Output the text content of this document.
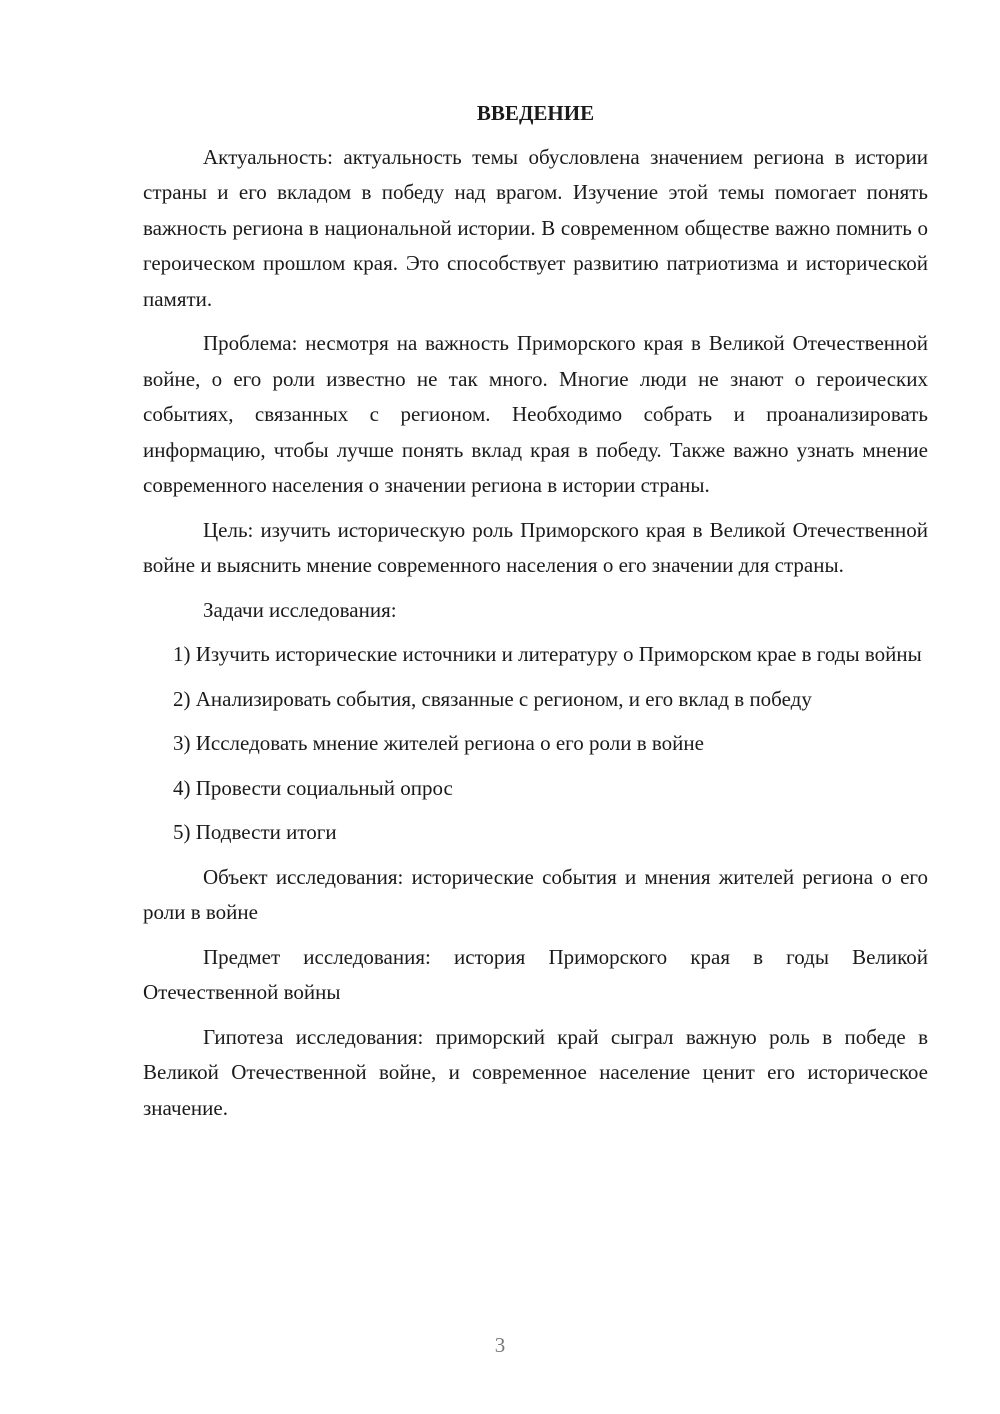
ВВЕДЕНИЕ

Актуальность: актуальность темы обусловлена значением региона в истории страны и его вкладом в победу над врагом. Изучение этой темы помогает понять важность региона в национальной истории. В современном обществе важно помнить о героическом прошлом края. Это способствует развитию патриотизма и исторической памяти.

Проблема: несмотря на важность Приморского края в Великой Отечественной войне, о его роли известно не так много. Многие люди не знают о героических событиях, связанных с регионом. Необходимо собрать и проанализировать информацию, чтобы лучше понять вклад края в победу. Также важно узнать мнение современного населения о значении региона в истории страны.

Цель: изучить историческую роль Приморского края в Великой Отечественной войне и выяснить мнение современного населения о его значении для страны.

Задачи исследования:

1) Изучить исторические источники и литературу о Приморском крае в годы войны

2) Анализировать события, связанные с регионом, и его вклад в победу

3) Исследовать мнение жителей региона о его роли в войне

4) Провести социальный опрос

5) Подвести итоги

Объект исследования: исторические события и мнения жителей региона о его роли в войне

Предмет исследования: история Приморского края в годы Великой Отечественной войны

Гипотеза исследования: приморский край сыграл важную роль в победе в Великой Отечественной войне, и современное население ценит его историческое значение.

3
